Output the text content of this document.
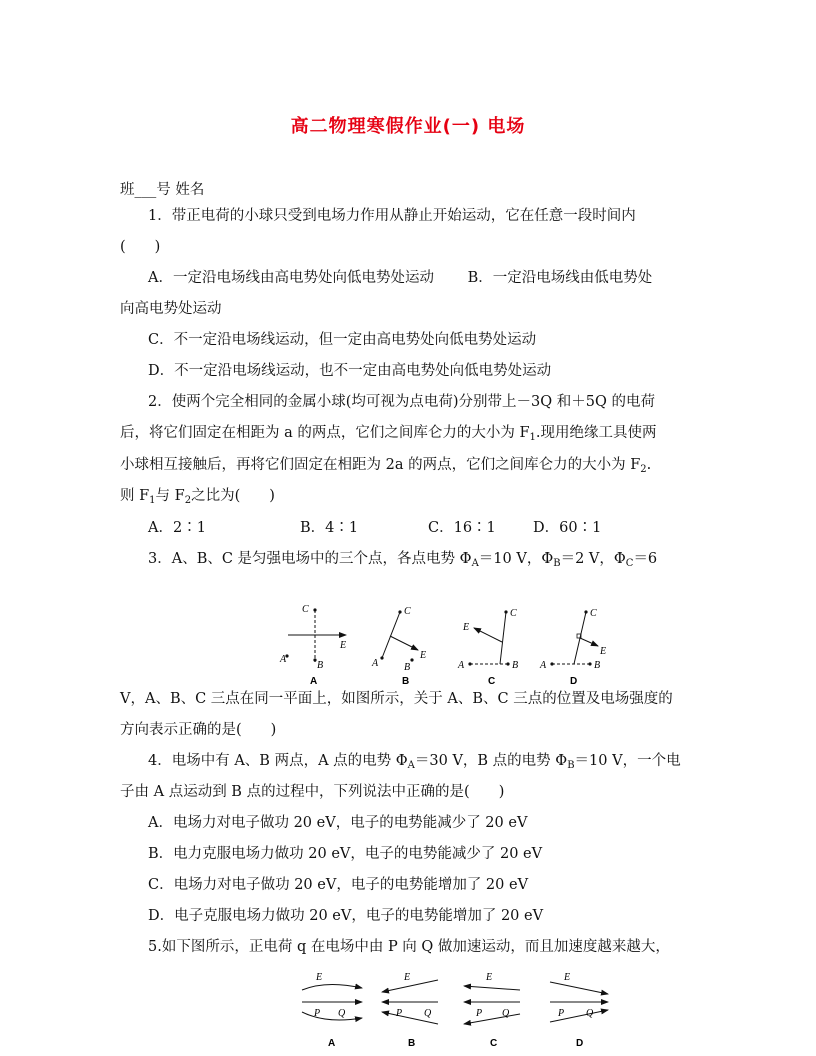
高二物理寒假作业(一) 电场
班___号 姓名
1．带正电荷的小球只受到电场力作用从静止开始运动，它在任意一段时间内
(　　)
A．一定沿电场线由高电势处向低电势处运动　　 B．一定沿电场线由低电势处
向高电势处运动
C．不一定沿电场线运动，但一定由高电势处向低电势处运动
D．不一定沿电场线运动，也不一定由高电势处向低电势处运动
2．使两个完全相同的金属小球(均可视为点电荷)分别带上－3Q 和＋5Q 的电荷
后，将它们固定在相距为 a 的两点，它们之间库仑力的大小为 $F_1$.现用绝缘工具使两
小球相互接触后，再将它们固定在相距为 2a 的两点，它们之间库仑力的大小为 $F_2$.
则 $F_1$与 $F_2$之比为(　　)
A．2∶1	B．4∶1	C．16∶1	D．60∶1
3．A、B、C 是匀强电场中的三个点，各点电势 $\Phi_A=10$ V，$\Phi_B=2$ V，$\Phi_C=6$
C
B
A
E
A
C
A	B
E
B
C
E
A	B
C
C
E
A	B
D
V，A、B、C 三点在同一平面上，如图所示，关于 A、B、C 三点的位置及电场强度的
方向表示正确的是(　　)
4．电场中有 A、B 两点，A 点的电势 $\Phi_A=30$ V，B 点的电势 $\Phi_B=10$ V，一个电
子由 A 点运动到 B 点的过程中，下列说法中正确的是(　　)
A．电场力对电子做功 20 eV，电子的电势能减少了 20 eV
B．电力克服电场力做功 20 eV，电子的电势能减少了 20 eV
C．电场力对电子做功 20 eV，电子的电势能增加了 20 eV
D．电子克服电场力做功 20 eV，电子的电势能增加了 20 eV
5.如下图所示，正电荷 q 在电场中由 P 向 Q 做加速运动，而且加速度越来越大，
E
P Q
A
E
P Q
B
E
P Q
C
E
P Q
D
